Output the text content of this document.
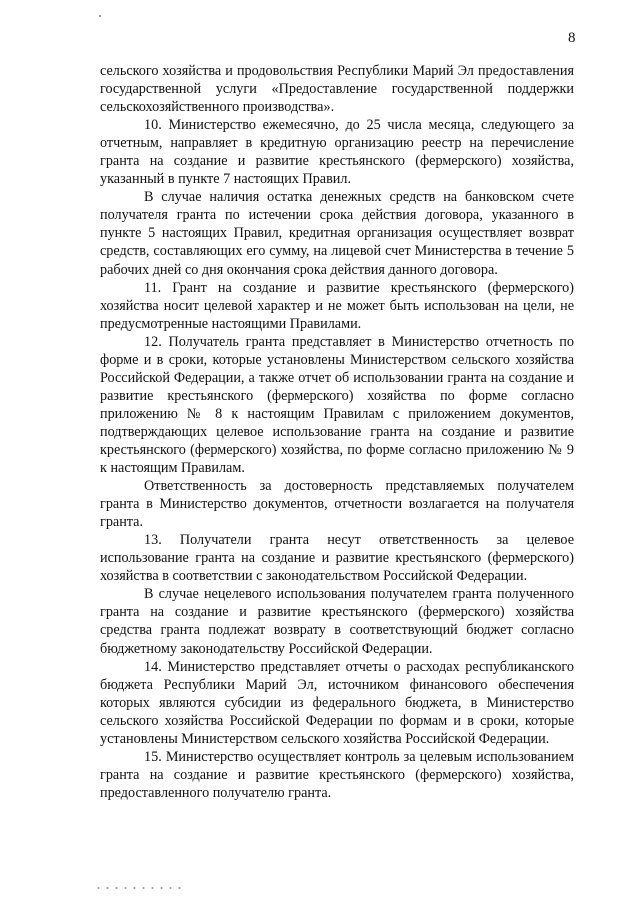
8

сельского хозяйства и продовольствия Республики Марий Эл предоставления государственной услуги «Предоставление государственной поддержки сельскохозяйственного производства».

10. Министерство ежемесячно, до 25 числа месяца, следующего за отчетным, направляет в кредитную организацию реестр на перечисление гранта на создание и развитие крестьянского (фермерского) хозяйства, указанный в пункте 7 настоящих Правил.

В случае наличия остатка денежных средств на банковском счете получателя гранта по истечении срока действия договора, указанного в пункте 5 настоящих Правил, кредитная организация осуществляет возврат средств, составляющих его сумму, на лицевой счет Министерства в течение 5 рабочих дней со дня окончания срока действия данного договора.

11. Грант на создание и развитие крестьянского (фермерского) хозяйства носит целевой характер и не может быть использован на цели, не предусмотренные настоящими Правилами.

12. Получатель гранта представляет в Министерство отчетность по форме и в сроки, которые установлены Министерством сельского хозяйства Российской Федерации, а также отчет об использовании гранта на создание и развитие крестьянского (фермерского) хозяйства по форме согласно приложению № 8 к настоящим Правилам с приложением документов, подтверждающих целевое использование гранта на создание и развитие крестьянского (фермерского) хозяйства, по форме согласно приложению № 9 к настоящим Правилам.

Ответственность за достоверность представляемых получателем гранта в Министерство документов, отчетности возлагается на получателя гранта.

13. Получатели гранта несут ответственность за целевое использование гранта на создание и развитие крестьянского (фермерского) хозяйства в соответствии с законодательством Российской Федерации.

В случае нецелевого использования получателем гранта полученного гранта на создание и развитие крестьянского (фермерского) хозяйства средства гранта подлежат возврату в соответствующий бюджет согласно бюджетному законодательству Российской Федерации.

14. Министерство представляет отчеты о расходах республиканского бюджета Республики Марий Эл, источником финансового обеспечения которых являются субсидии из федерального бюджета, в Министерство сельского хозяйства Российской Федерации по формам и в сроки, которые установлены Министерством сельского хозяйства Российской Федерации.

15. Министерство осуществляет контроль за целевым использованием гранта на создание и развитие крестьянского (фермерского) хозяйства, предоставленного получателю гранта.
